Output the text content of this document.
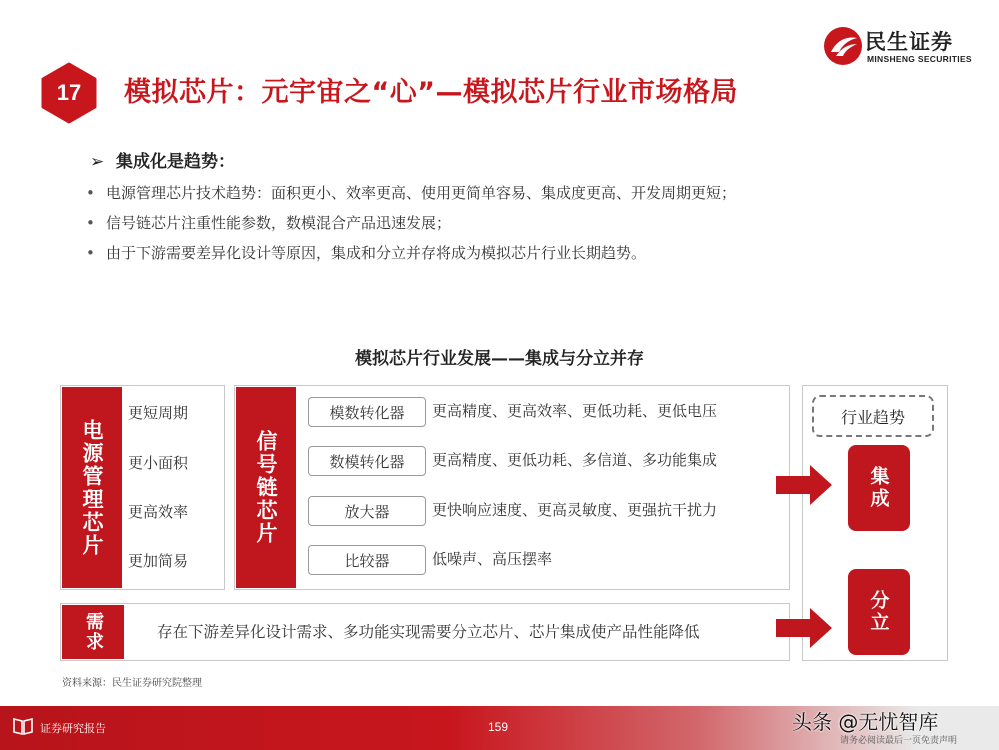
17	模拟芯片：元宇宙之“心”—模拟芯片行业市场格局
民生证券
MINSHENG SECURITIES
➢ 集成化是趋势：
• 电源管理芯片技术趋势：面积更小、效率更高、使用更简单容易、集成度更高、开发周期更短；
• 信号链芯片注重性能参数，数模混合产品迅速发展；
• 由于下游需要差异化设计等原因，集成和分立并存将成为模拟芯片行业长期趋势。
模拟芯片行业发展——集成与分立并存
电源管理芯片
更短周期
更小面积
更高效率
更加简易
信号链芯片
模数转化器	更高精度、更高效率、更低功耗、更低电压
数模转化器	更高精度、更低功耗、多信道、多功能集成
放大器	更快响应速度、更高灵敏度、更强抗干扰力
比较器	低噪声、高压摆率
需求	存在下游差异化设计需求、多功能实现需要分立芯片、芯片集成使产品性能降低
行业趋势
集成
分立
资料来源：民生证券研究院整理
证券研究报告	159
请务必阅读最后一页免责声明
头条 @无忧智库
